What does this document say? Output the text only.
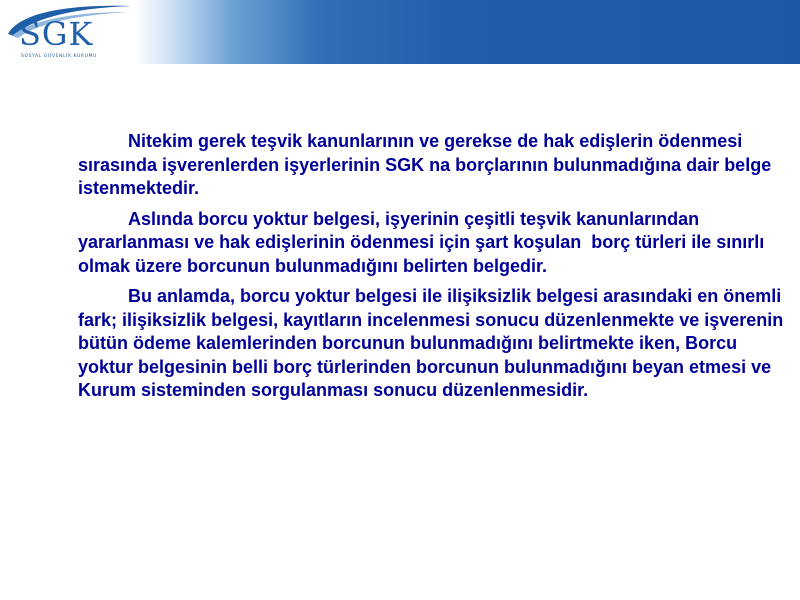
SGK
SOSYAL GÜVENLİK KURUMU

Nitekim gerek teşvik kanunlarının ve gerekse de hak edişlerin ödenmesi sırasında işverenlerden işyerlerinin SGK na borçlarının bulunmadığına dair belge istenmektedir.

Aslında borcu yoktur belgesi, işyerinin çeşitli teşvik kanunlarından yararlanması ve hak edişlerinin ödenmesi için şart koşulan  borç türleri ile sınırlı olmak üzere borcunun bulunmadığını belirten belgedir.

Bu anlamda, borcu yoktur belgesi ile ilişiksizlik belgesi arasındaki en önemli fark; ilişiksizlik belgesi, kayıtların incelenmesi sonucu düzenlenmekte ve işverenin bütün ödeme kalemlerinden borcunun bulunmadığını belirtmekte iken, Borcu yoktur belgesinin belli borç türlerinden borcunun bulunmadığını beyan etmesi ve Kurum sisteminden sorgulanması sonucu düzenlenmesidir.
